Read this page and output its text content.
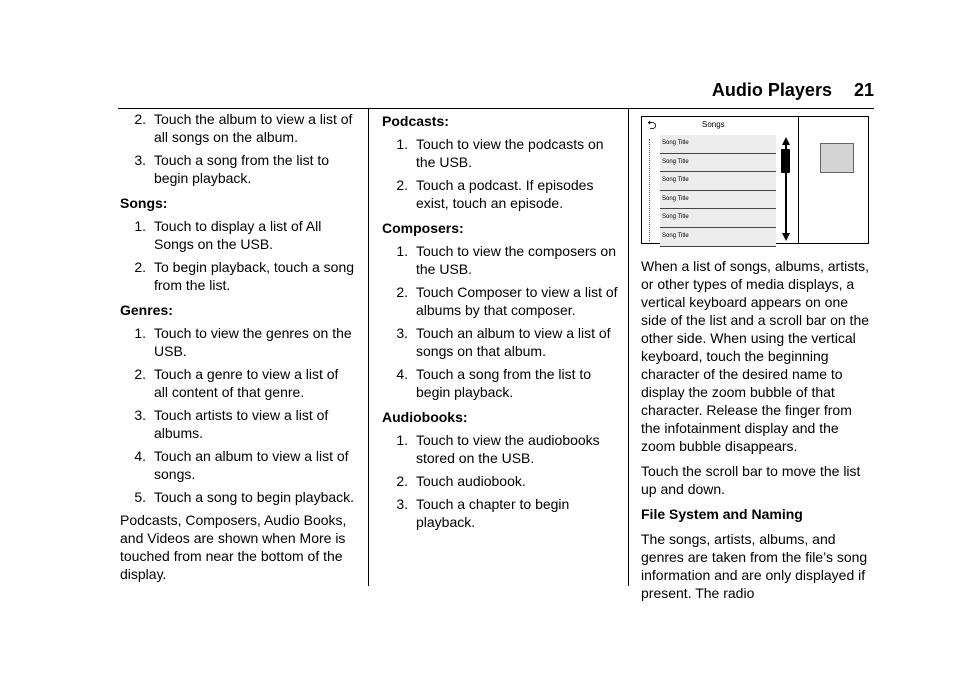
Audio Players 21
2. Touch the album to view a list of all songs on the album.
3. Touch a song from the list to begin playback.

Songs:

1. Touch to display a list of All Songs on the USB.
2. To begin playback, touch a song from the list.

Genres:

1. Touch to view the genres on the USB.
2. Touch a genre to view a list of all content of that genre.
3. Touch artists to view a list of albums.
4. Touch an album to view a list of songs.
5. Touch a song to begin playback.

Podcasts, Composers, Audio Books, and Videos are shown when More is touched from near the bottom of the display.

Podcasts:

1. Touch to view the podcasts on the USB.
2. Touch a podcast. If episodes exist, touch an episode.

Composers:

1. Touch to view the composers on the USB.
2. Touch Composer to view a list of albums by that composer.
3. Touch an album to view a list of songs on that album.
4. Touch a song from the list to begin playback.

Audiobooks:

1. Touch to view the audiobooks stored on the USB.
2. Touch audiobook.
3. Touch a chapter to begin playback.
⮌	Songs
Song Title
Song Title
Song Title
Song Title
Song Title
Song Title

When a list of songs, albums, artists, or other types of media displays, a vertical keyboard appears on one side of the list and a scroll bar on the other side. When using the vertical keyboard, touch the beginning character of the desired name to display the zoom bubble of that character. Release the finger from the infotainment display and the zoom bubble disappears.

Touch the scroll bar to move the list up and down.

File System and Naming

The songs, artists, albums, and genres are taken from the file’s song information and are only displayed if present. The radio
